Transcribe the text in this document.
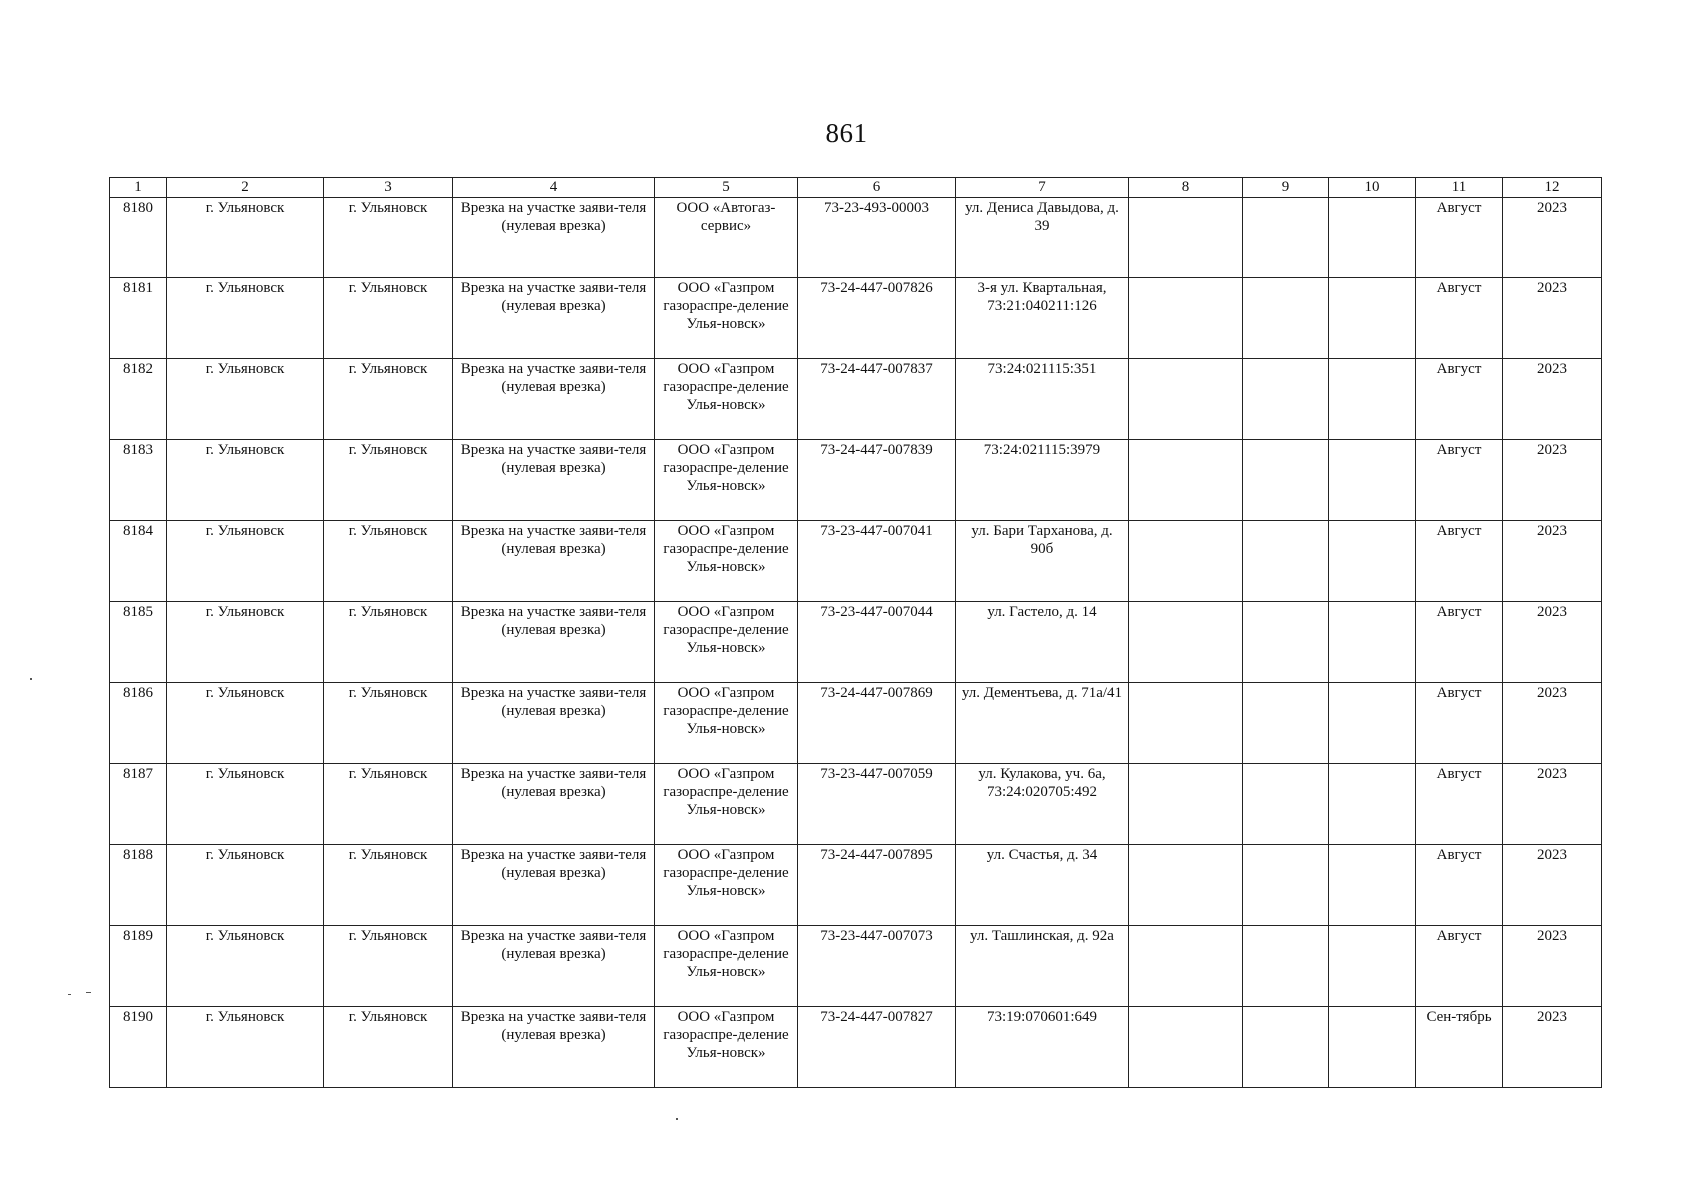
861
1	2	3	4	5	6	7	8	9	10	11	12
8180	г. Ульяновск	г. Ульяновск	Врезка на участке заяви-теля (нулевая врезка)	ООО «Автогаз-сервис»	73-23-493-00003	ул. Дениса Давыдова, д. 39				Август	2023
8181	г. Ульяновск	г. Ульяновск	Врезка на участке заяви-теля (нулевая врезка)	ООО «Газпром газораспре-деление Улья-новск»	73-24-447-007826	3-я ул. Квартальная, 73:21:040211:126				Август	2023
8182	г. Ульяновск	г. Ульяновск	Врезка на участке заяви-теля (нулевая врезка)	ООО «Газпром газораспре-деление Улья-новск»	73-24-447-007837	73:24:021115:351				Август	2023
8183	г. Ульяновск	г. Ульяновск	Врезка на участке заяви-теля (нулевая врезка)	ООО «Газпром газораспре-деление Улья-новск»	73-24-447-007839	73:24:021115:3979				Август	2023
8184	г. Ульяновск	г. Ульяновск	Врезка на участке заяви-теля (нулевая врезка)	ООО «Газпром газораспре-деление Улья-новск»	73-23-447-007041	ул. Бари Тарханова, д. 90б				Август	2023
8185	г. Ульяновск	г. Ульяновск	Врезка на участке заяви-теля (нулевая врезка)	ООО «Газпром газораспре-деление Улья-новск»	73-23-447-007044	ул. Гастело, д. 14				Август	2023
8186	г. Ульяновск	г. Ульяновск	Врезка на участке заяви-теля (нулевая врезка)	ООО «Газпром газораспре-деление Улья-новск»	73-24-447-007869	ул. Дементьева, д. 71а/41				Август	2023
8187	г. Ульяновск	г. Ульяновск	Врезка на участке заяви-теля (нулевая врезка)	ООО «Газпром газораспре-деление Улья-новск»	73-23-447-007059	ул. Кулакова, уч. 6а, 73:24:020705:492				Август	2023
8188	г. Ульяновск	г. Ульяновск	Врезка на участке заяви-теля (нулевая врезка)	ООО «Газпром газораспре-деление Улья-новск»	73-24-447-007895	ул. Счастья, д. 34				Август	2023
8189	г. Ульяновск	г. Ульяновск	Врезка на участке заяви-теля (нулевая врезка)	ООО «Газпром газораспре-деление Улья-новск»	73-23-447-007073	ул. Ташлинская, д. 92а				Август	2023
8190	г. Ульяновск	г. Ульяновск	Врезка на участке заяви-теля (нулевая врезка)	ООО «Газпром газораспре-деление Улья-новск»	73-24-447-007827	73:19:070601:649				Сен-тябрь	2023
